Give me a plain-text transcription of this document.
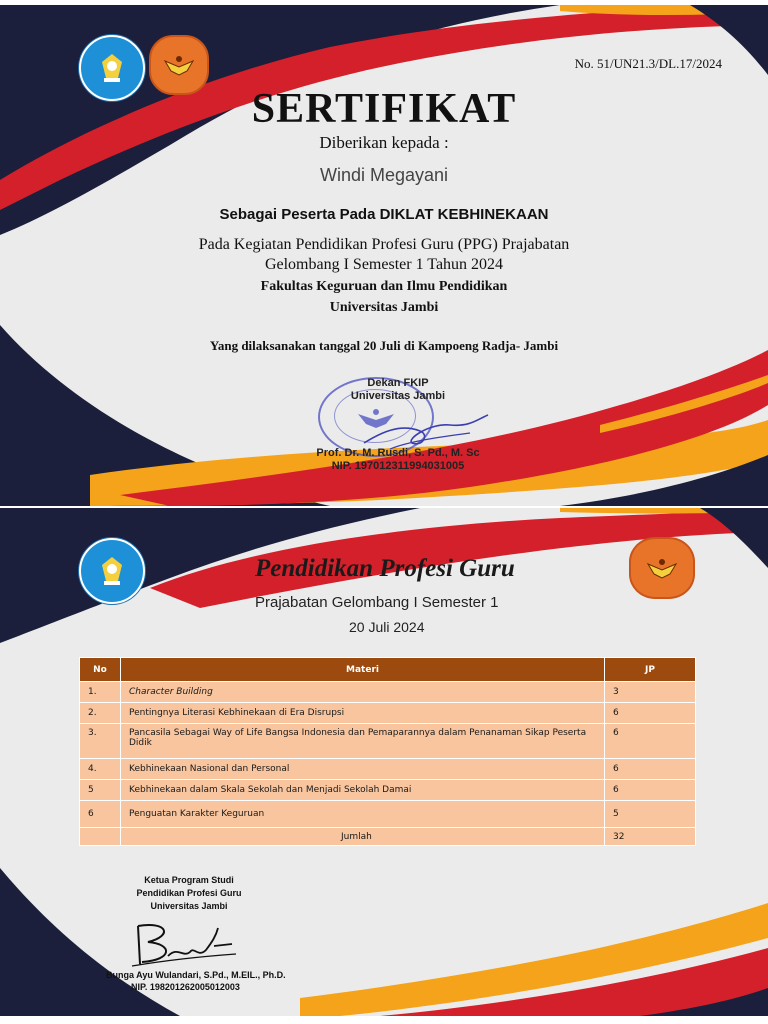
No. 51/UN21.3/DL.17/2024
SERTIFIKAT
Diberikan kepada :
Windi Megayani
Sebagai Peserta Pada DIKLAT KEBHINEKAAN
Pada Kegiatan Pendidikan Profesi Guru (PPG) Prajabatan
Gelombang I Semester 1 Tahun 2024
Fakultas Keguruan dan Ilmu Pendidikan
Universitas Jambi
Yang dilaksanakan tanggal 20 Juli di Kampoeng Radja- Jambi
Dekan FKIP
Universitas Jambi
Prof. Dr. M. Rusdi, S. Pd., M. Sc
NIP. 197012311994031005
Pendidikan Profesi Guru
Prajabatan Gelombang I Semester 1
20 Juli 2024
No	Materi	JP
1.	Character Building	3
2.	Pentingnya Literasi Kebhinekaan di Era Disrupsi	6
3.	Pancasila Sebagai Way of Life Bangsa Indonesia dan Pemaparannya dalam Penanaman Sikap Peserta Didik	6
4.	Kebhinekaan Nasional dan Personal	6
5	Kebhinekaan dalam Skala Sekolah dan Menjadi Sekolah Damai	6
6	Penguatan Karakter Keguruan	5
	Jumlah	32
Ketua Program Studi
Pendidikan Profesi Guru
Universitas Jambi
Bunga Ayu Wulandari, S.Pd., M.EIL., Ph.D.
NIP. 198201262005012003
